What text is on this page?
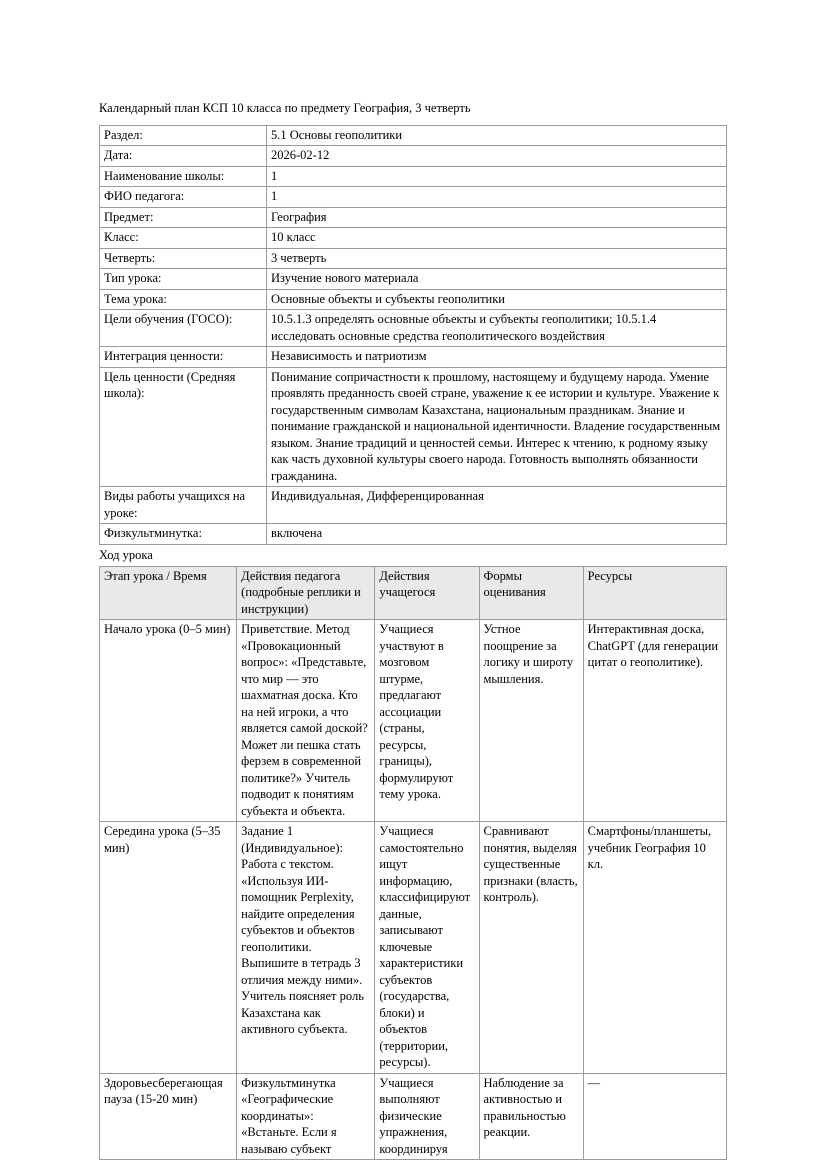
Календарный план КСП 10 класса по предмету География, 3 четверть

Раздел:	5.1 Основы геополитики
Дата:	2026-02-12
Наименование школы:	1
ФИО педагога:	1
Предмет:	География
Класс:	10 класс
Четверть:	3 четверть
Тип урока:	Изучение нового материала
Тема урока:	Основные объекты и субъекты геополитики
Цели обучения (ГОСО):	10.5.1.3 определять основные объекты и субъекты геополитики; 10.5.1.4 исследовать основные средства геополитического воздействия
Интеграция ценности:	Независимость и патриотизм
Цель ценности (Средняя школа):	Понимание сопричастности к прошлому, настоящему и будущему народа. Умение проявлять преданность своей стране, уважение к ее истории и культуре. Уважение к государственным символам Казахстана, национальным праздникам. Знание и понимание гражданской и национальной идентичности. Владение государственным языком. Знание традиций и ценностей семьи. Интерес к чтению, к родному языку как часть духовной культуры своего народа. Готовность выполнять обязанности гражданина.
Виды работы учащихся на уроке:	Индивидуальная, Дифференцированная
Физкультминутка:	включена

Ход урока

Этап урока / Время	Действия педагога (подробные реплики и инструкции)	Действия учащегося	Формы оценивания	Ресурсы
Начало урока (0–5 мин)	Приветствие. Метод «Провокационный вопрос»: «Представьте, что мир — это шахматная доска. Кто на ней игроки, а что является самой доской? Может ли пешка стать ферзем в современной политике?» Учитель подводит к понятиям субъекта и объекта.	Учащиеся участвуют в мозговом штурме, предлагают ассоциации (страны, ресурсы, границы), формулируют тему урока.	Устное поощрение за логику и широту мышления.	Интерактивная доска, ChatGPT (для генерации цитат о геополитике).
Середина урока (5–35 мин)	Задание 1 (Индивидуальное): Работа с текстом. «Используя ИИ-помощник Perplexity, найдите определения субъектов и объектов геополитики. Выпишите в тетрадь 3 отличия между ними». Учитель поясняет роль Казахстана как активного субъекта.	Учащиеся самостоятельно ищут информацию, классифицируют данные, записывают ключевые характеристики субъектов (государства, блоки) и объектов (территории, ресурсы).	Сравнивают понятия, выделяя существенные признаки (власть, контроль).	Смартфоны/планшеты, учебник География 10 кл.
Здоровьесберегающая пауза (15-20 мин)	Физкультминутка «Географические координаты»: «Встаньте. Если я называю субъект	Учащиеся выполняют физические упражнения, координируя	Наблюдение за активностью и правильностью реакции.	—
